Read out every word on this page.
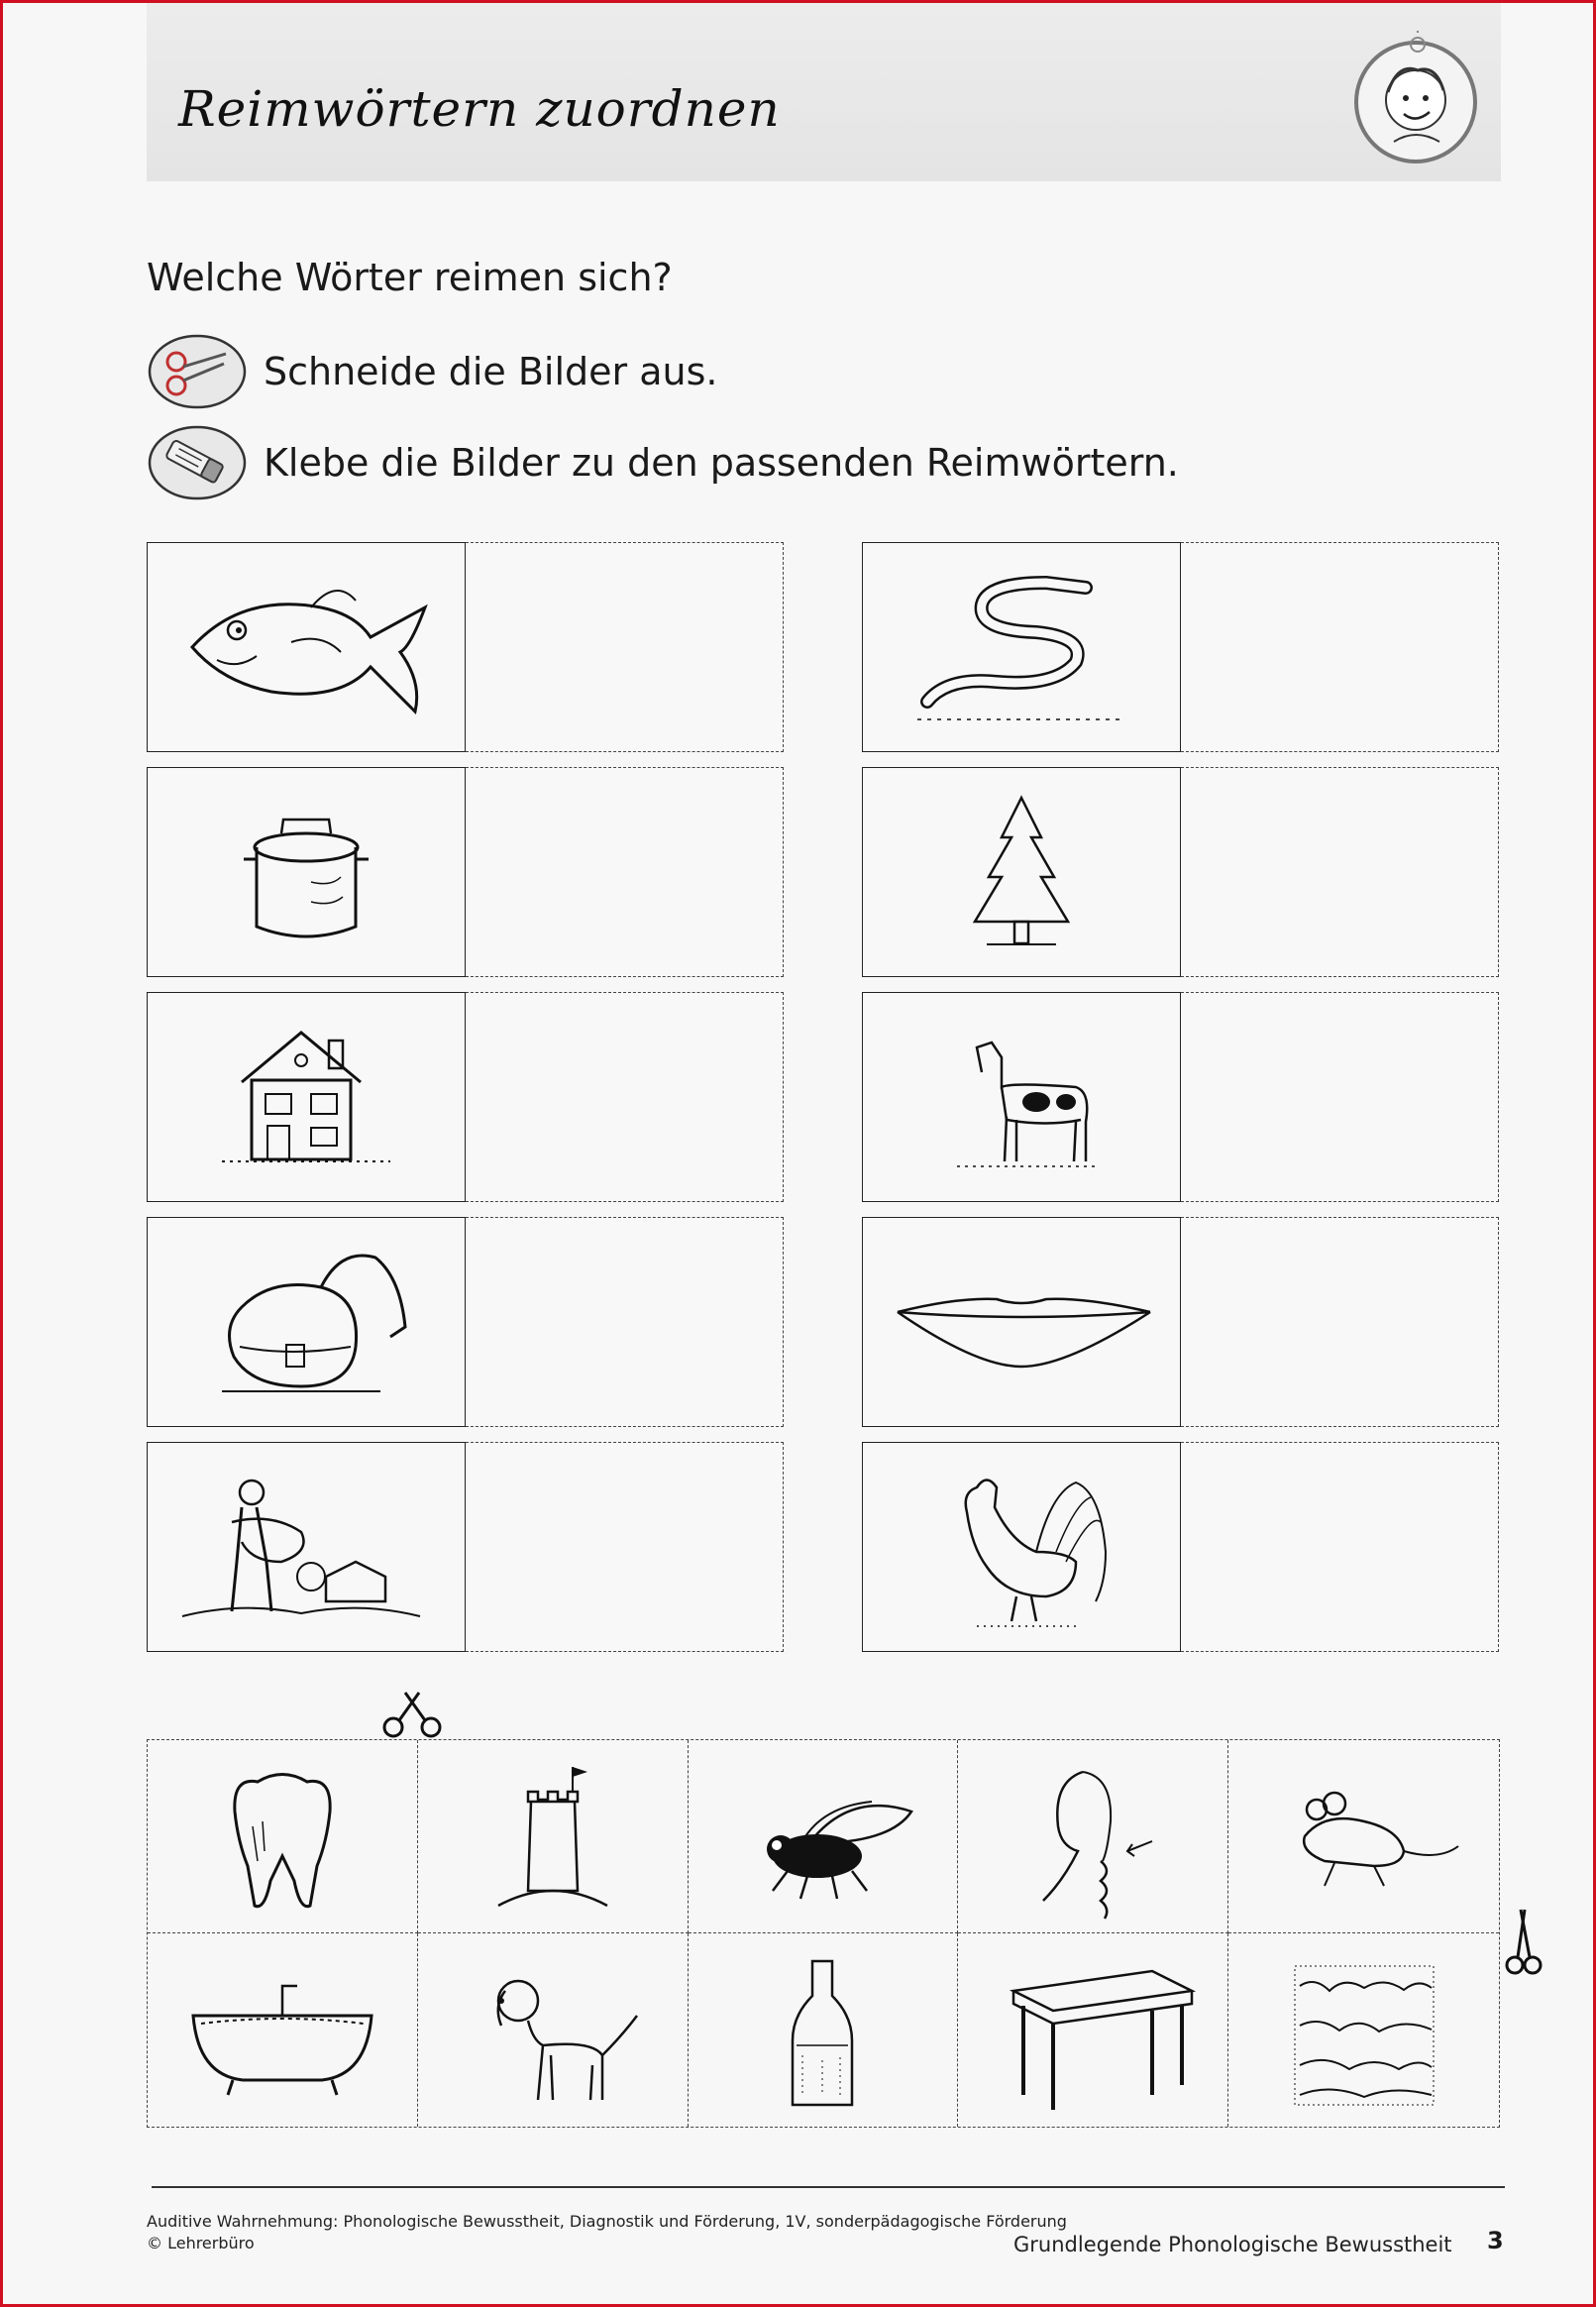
Reimwörtern zuordnen
Welche Wörter reimen sich?
Schneide die Bilder aus.
Klebe die Bilder zu den passenden Reimwörtern.
Auditive Wahrnehmung: Phonologische Bewusstheit, Diagnostik und Förderung, 1V, sonderpädagogische Förderung
© Lehrerbüro	Grundlegende Phonologische Bewusstheit 3
